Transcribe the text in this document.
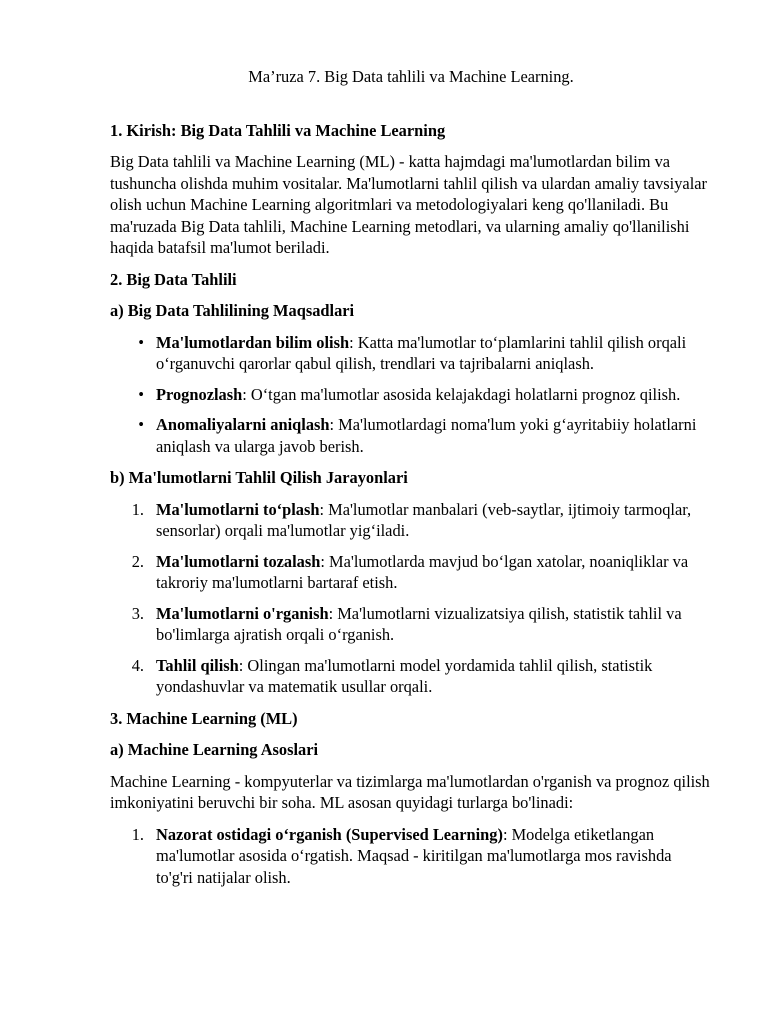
Ma’ruza 7. Big Data tahlili va Machine Learning.
1. Kirish: Big Data Tahlili va Machine Learning

Big Data tahlili va Machine Learning (ML) - katta hajmdagi ma'lumotlardan bilim va tushuncha olishda muhim vositalar. Ma'lumotlarni tahlil qilish va ulardan amaliy tavsiyalar olish uchun Machine Learning algoritmlari va metodologiyalari keng qo'llaniladi. Bu ma'ruzada Big Data tahlili, Machine Learning metodlari, va ularning amaliy qo'llanilishi haqida batafsil ma'lumot beriladi.

2. Big Data Tahlili
a) Big Data Tahlilining Maqsadlari
• Ma'lumotlardan bilim olish: Katta ma'lumotlar to‘plamlarini tahlil qilish orqali o‘rganuvchi qarorlar qabul qilish, trendlari va tajribalarni aniqlash.
• Prognozlash: O‘tgan ma'lumotlar asosida kelajakdagi holatlarni prognoz qilish.
• Anomaliyalarni aniqlash: Ma'lumotlardagi noma'lum yoki g‘ayritabiiy holatlarni aniqlash va ularga javob berish.
b) Ma'lumotlarni Tahlil Qilish Jarayonlari
1. Ma'lumotlarni to‘plash: Ma'lumotlar manbalari (veb-saytlar, ijtimoiy tarmoqlar, sensorlar) orqali ma'lumotlar yig‘iladi.
2. Ma'lumotlarni tozalash: Ma'lumotlarda mavjud bo‘lgan xatolar, noaniqliklar va takroriy ma'lumotlarni bartaraf etish.
3. Ma'lumotlarni o'rganish: Ma'lumotlarni vizualizatsiya qilish, statistik tahlil va bo'limlarga ajratish orqali o‘rganish.
4. Tahlil qilish: Olingan ma'lumotlarni model yordamida tahlil qilish, statistik yondashuvlar va matematik usullar orqali.
3. Machine Learning (ML)
a) Machine Learning Asoslari

Machine Learning - kompyuterlar va tizimlarga ma'lumotlardan o'rganish va prognoz qilish imkoniyatini beruvchi bir soha. ML asosan quyidagi turlarga bo'linadi:

1. Nazorat ostidagi o‘rganish (Supervised Learning): Modelga etiketlangan ma'lumotlar asosida o‘rgatish. Maqsad - kiritilgan ma'lumotlarga mos ravishda to'g'ri natijalar olish.
